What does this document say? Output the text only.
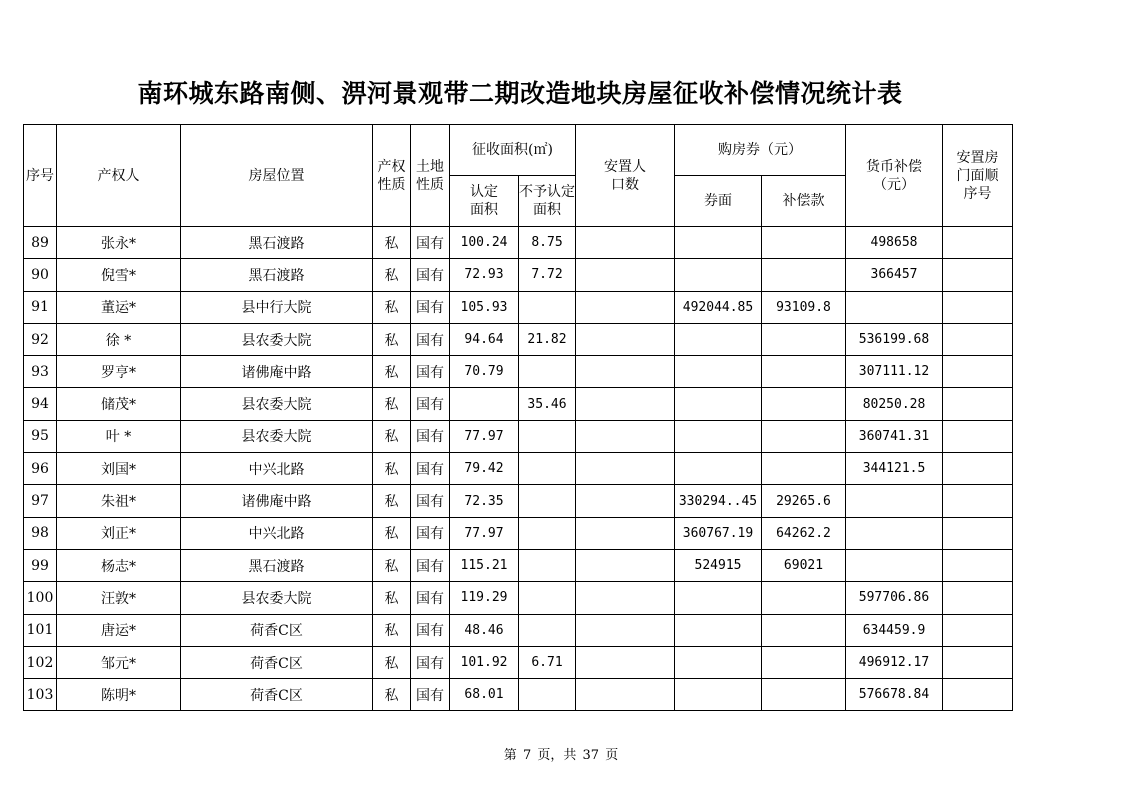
南环城东路南侧、淠河景观带二期改造地块房屋征收补偿情况统计表
序号	产权人	房屋位置	产权性质	土地性质	征收面积(㎡)		安置人口数	购房券（元）		货币补偿（元）	安置房门面顺序号
					认定面积	不予认定面积		券面	补偿款		
89	张永*	黑石渡路	私	国有	100.24	8.75				498658	
90	倪雪*	黑石渡路	私	国有	72.93	7.72				366457	
91	董运*	县中行大院	私	国有	105.93			492044.85	93109.8		
92	徐 *	县农委大院	私	国有	94.64	21.82				536199.68	
93	罗亨*	诸佛庵中路	私	国有	70.79					307111.12	
94	储茂*	县农委大院	私	国有		35.46				80250.28	
95	叶 *	县农委大院	私	国有	77.97					360741.31	
96	刘国*	中兴北路	私	国有	79.42					344121.5	
97	朱祖*	诸佛庵中路	私	国有	72.35			330294..45	29265.6		
98	刘正*	中兴北路	私	国有	77.97			360767.19	64262.2		
99	杨志*	黑石渡路	私	国有	115.21			524915	69021		
100	汪敦*	县农委大院	私	国有	119.29					597706.86	
101	唐运*	荷香C区	私	国有	48.46					634459.9	
102	邹元*	荷香C区	私	国有	101.92	6.71				496912.17	
103	陈明*	荷香C区	私	国有	68.01					576678.84	
第 7 页，共 37 页
